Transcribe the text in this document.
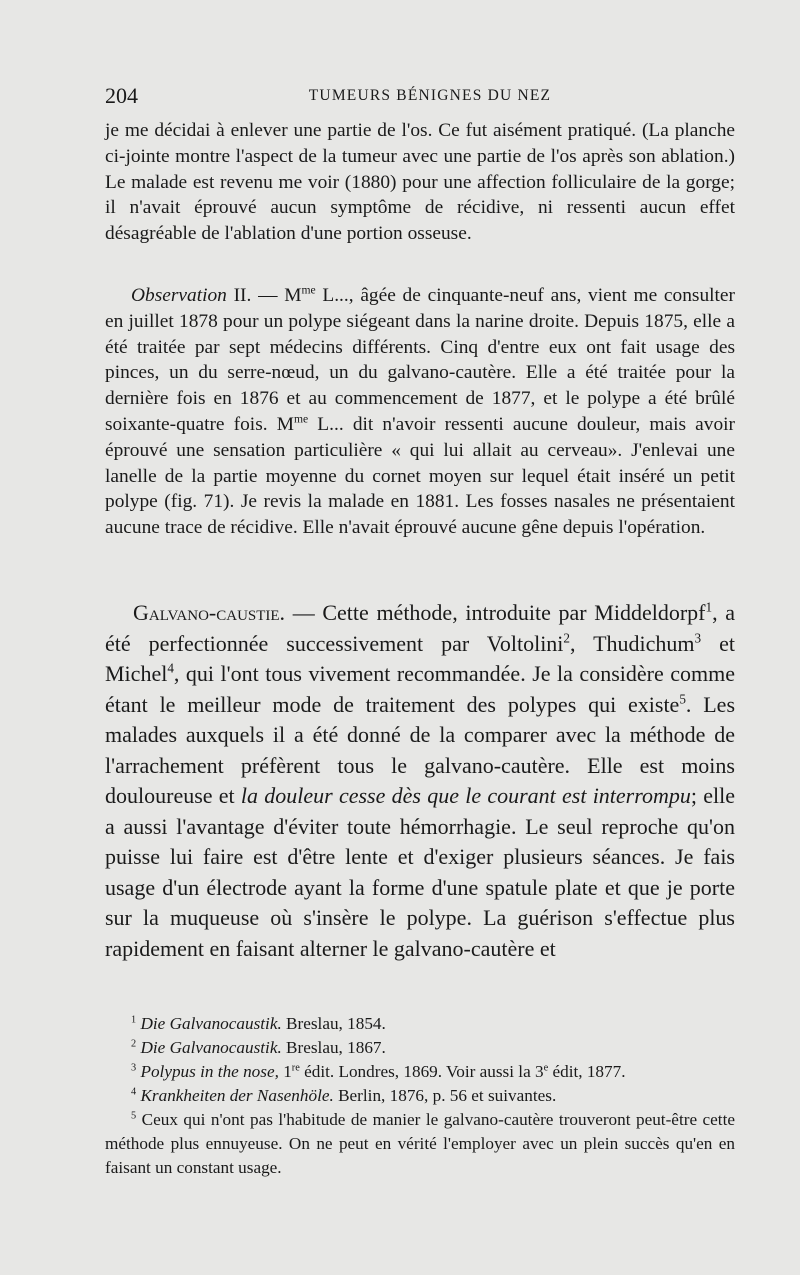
204	TUMEURS BÉNIGNES DU NEZ

je me décidai à enlever une partie de l'os. Ce fut aisément pratiqué. (La planche ci-jointe montre l'aspect de la tumeur avec une partie de l'os après son ablation.) Le malade est revenu me voir (1880) pour une affection folliculaire de la gorge; il n'avait éprouvé aucun symptôme de récidive, ni ressenti aucun effet désagréable de l'ablation d'une portion osseuse.

Observation II. — $M^{me}$ L..., âgée de cinquante-neuf ans, vient me consulter en juillet 1878 pour un polype siégeant dans la narine droite. Depuis 1875, elle a été traitée par sept médecins différents. Cinq d'entre eux ont fait usage des pinces, un du serre-nœud, un du galvano-cautère. Elle a été traitée pour la dernière fois en 1876 et au commencement de 1877, et le polype a été brûlé soixante-quatre fois. $M^{me}$ L... dit n'avoir ressenti aucune douleur, mais avoir éprouvé une sensation particulière « qui lui allait au cerveau». J'enlevai une lanelle de la partie moyenne du cornet moyen sur lequel était inséré un petit polype (fig. 71). Je revis la malade en 1881. Les fosses nasales ne présentaient aucune trace de récidive. Elle n'avait éprouvé aucune gêne depuis l'opération.

Galvano-caustie. — Cette méthode, introduite par Middeldorpf$^1$, a été perfectionnée successivement par Voltolini$^2$, Thudichum$^3$ et Michel$^4$, qui l'ont tous vivement recommandée. Je la considère comme étant le meilleur mode de traitement des polypes qui existe$^5$. Les malades auxquels il a été donné de la comparer avec la méthode de l'arrachement préfèrent tous le galvano-cautère. Elle est moins douloureuse et la douleur cesse dès que le courant est interrompu; elle a aussi l'avantage d'éviter toute hémorrhagie. Le seul reproche qu'on puisse lui faire est d'être lente et d'exiger plusieurs séances. Je fais usage d'un électrode ayant la forme d'une spatule plate et que je porte sur la muqueuse où s'insère le polype. La guérison s'effectue plus rapidement en faisant alterner le galvano-cautère et

$^1$ Die Galvanocaustik. Breslau, 1854.

$^2$ Die Galvanocaustik. Breslau, 1867.

$^3$ Polypus in the nose, 1re édit. Londres, 1869. Voir aussi la 3e édit, 1877.

$^4$ Krankheiten der Nasenhöle. Berlin, 1876, p. 56 et suivantes.

$^5$ Ceux qui n'ont pas l'habitude de manier le galvano-cautère trouveront peut-être cette méthode plus ennuyeuse. On ne peut en vérité l'employer avec un plein succès qu'en en faisant un constant usage.
